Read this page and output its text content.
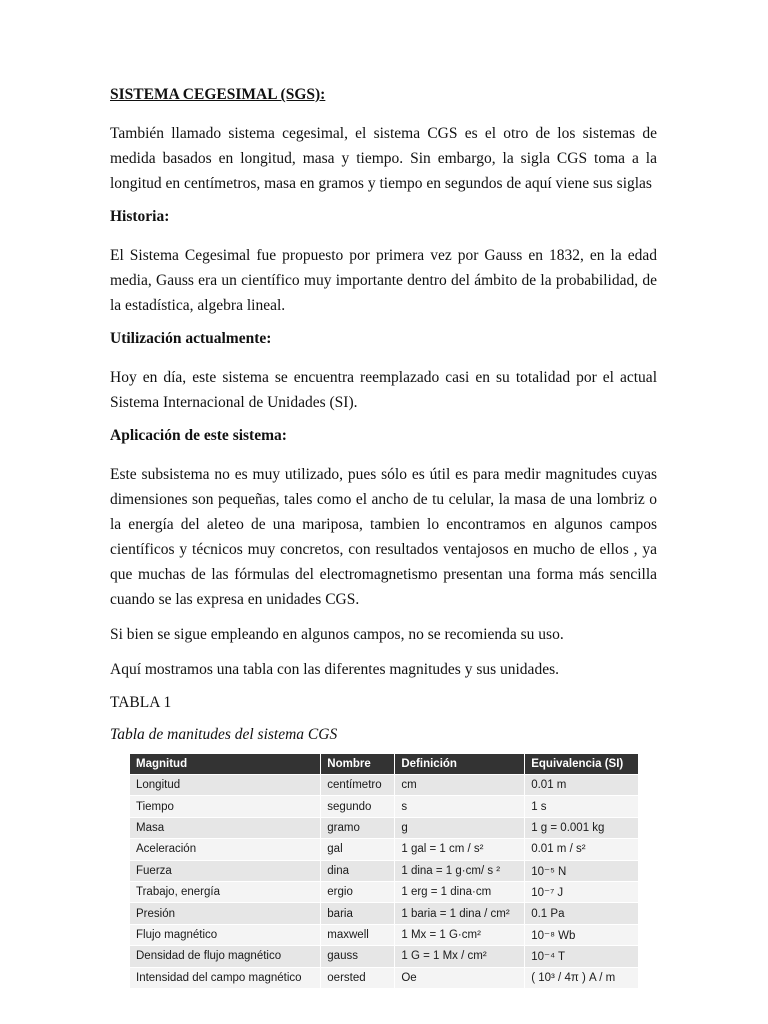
SISTEMA CEGESIMAL (SGS):

También llamado sistema cegesimal, el sistema CGS es el otro de los sistemas de medida basados en longitud, masa y tiempo. Sin embargo, la sigla CGS toma a la longitud en centímetros, masa en gramos y tiempo en segundos de aquí viene sus siglas

Historia:

El Sistema Cegesimal fue propuesto por primera vez por Gauss en 1832, en la edad media, Gauss era un científico muy importante dentro del ámbito de la probabilidad, de la estadística, algebra lineal.

Utilización actualmente:

Hoy en día, este sistema se encuentra reemplazado casi en su totalidad por el actual Sistema Internacional de Unidades (SI).

Aplicación de este sistema:

Este subsistema no es muy utilizado, pues sólo es útil es para medir magnitudes cuyas dimensiones son pequeñas, tales como el ancho de tu celular, la masa de una lombriz o la energía del aleteo de una mariposa, tambien lo encontramos en algunos campos científicos y técnicos muy concretos, con resultados ventajosos en mucho de ellos , ya que muchas de las fórmulas del electromagnetismo presentan una forma más sencilla cuando se las expresa en unidades CGS.

Si bien se sigue empleando en algunos campos, no se recomienda su uso.

Aquí mostramos una tabla con las diferentes magnitudes y sus unidades.

TABLA 1

Tabla de manitudes del sistema CGS

Magnitud	Nombre	Definición	Equivalencia (SI)
Longitud	centímetro	cm	0.01 m
Tiempo	segundo	s	1 s
Masa	gramo	g	1 g = 0.001 kg
Aceleración	gal	1 gal = 1 cm / s²	0.01 m / s²
Fuerza	dina	1 dina = 1 g·cm/ s ²	10⁻⁵ N
Trabajo, energía	ergio	1 erg = 1 dina·cm	10⁻⁷ J
Presión	baria	1 baria = 1 dina / cm²	0.1 Pa
Flujo magnético	maxwell	1 Mx = 1 G·cm²	10⁻⁸ Wb
Densidad de flujo magnético	gauss	1 G = 1 Mx / cm²	10⁻⁴ T
Intensidad del campo magnético	oersted	Oe	( 10³ / 4π ) A / m
